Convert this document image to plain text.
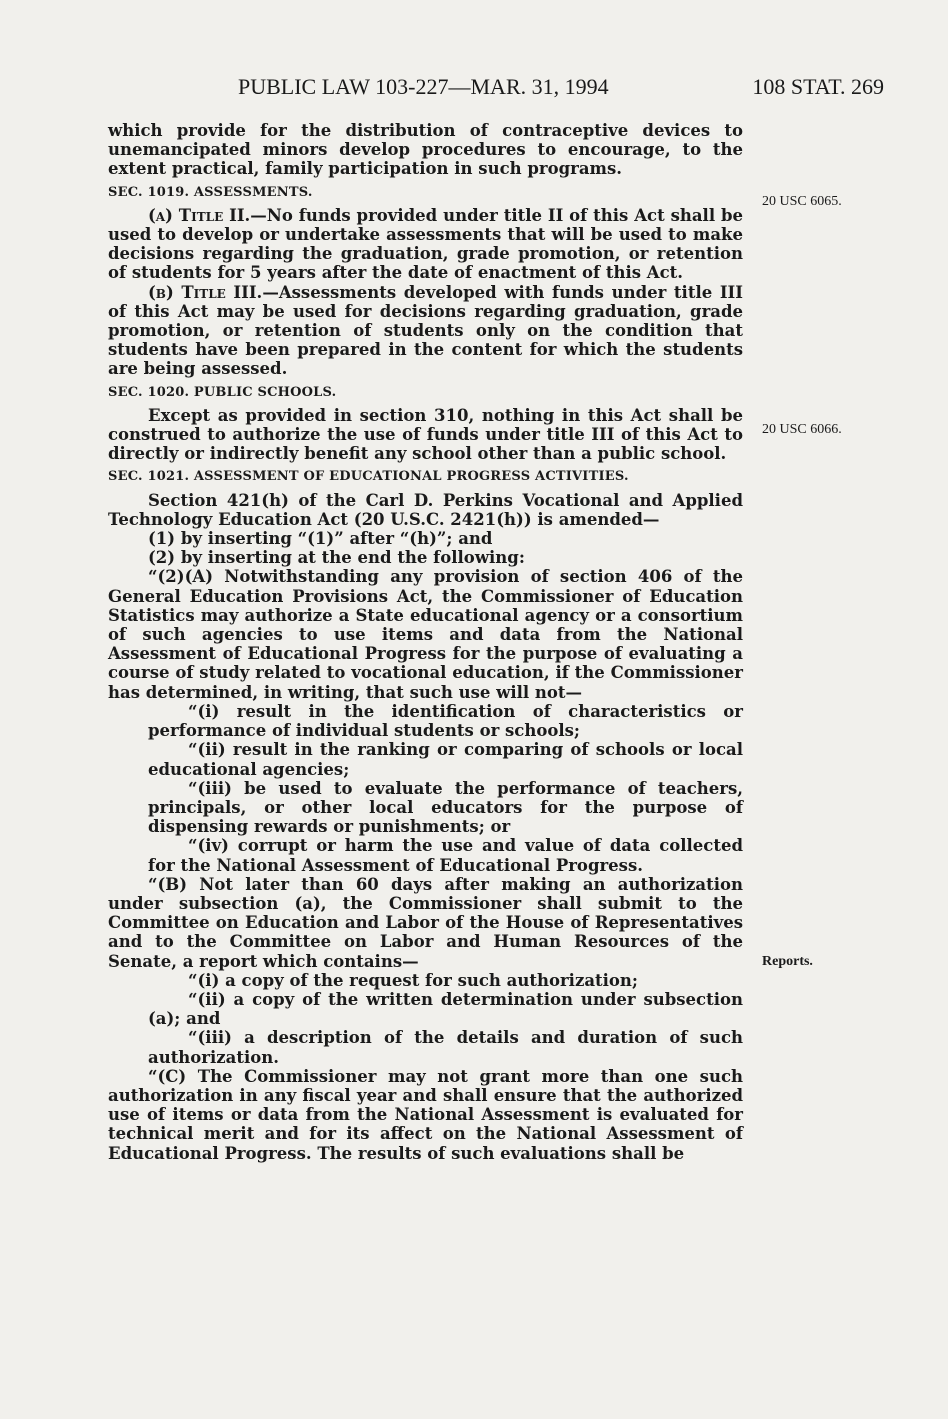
PUBLIC LAW 103-227—MAR. 31, 1994	108 STAT. 269

which provide for the distribution of contraceptive devices to unemancipated minors develop procedures to encourage, to the extent practical, family participation in such programs.

SEC. 1019. ASSESSMENTS.

(a) Title II.—No funds provided under title II of this Act shall be used to develop or undertake assessments that will be used to make decisions regarding the graduation, grade promotion, or retention of students for 5 years after the date of enactment of this Act.

(b) Title III.—Assessments developed with funds under title III of this Act may be used for decisions regarding graduation, grade promotion, or retention of students only on the condition that students have been prepared in the content for which the students are being assessed.

SEC. 1020. PUBLIC SCHOOLS.

Except as provided in section 310, nothing in this Act shall be construed to authorize the use of funds under title III of this Act to directly or indirectly benefit any school other than a public school.

SEC. 1021. ASSESSMENT OF EDUCATIONAL PROGRESS ACTIVITIES.

Section 421(h) of the Carl D. Perkins Vocational and Applied Technology Education Act (20 U.S.C. 2421(h)) is amended—

(1) by inserting “(1)” after “(h)”; and

(2) by inserting at the end the following:

“(2)(A) Notwithstanding any provision of section 406 of the General Education Provisions Act, the Commissioner of Education Statistics may authorize a State educational agency or a consortium of such agencies to use items and data from the National Assessment of Educational Progress for the purpose of evaluating a course of study related to vocational education, if the Commissioner has determined, in writing, that such use will not—

“(i) result in the identification of characteristics or performance of individual students or schools;

“(ii) result in the ranking or comparing of schools or local educational agencies;

“(iii) be used to evaluate the performance of teachers, principals, or other local educators for the purpose of dispensing rewards or punishments; or

“(iv) corrupt or harm the use and value of data collected for the National Assessment of Educational Progress.

“(B) Not later than 60 days after making an authorization under subsection (a), the Commissioner shall submit to the Committee on Education and Labor of the House of Representatives and to the Committee on Labor and Human Resources of the Senate, a report which contains—

“(i) a copy of the request for such authorization;

“(ii) a copy of the written determination under subsection (a); and

“(iii) a description of the details and duration of such authorization.

“(C) The Commissioner may not grant more than one such authorization in any fiscal year and shall ensure that the authorized use of items or data from the National Assessment is evaluated for technical merit and for its affect on the National Assessment of Educational Progress. The results of such evaluations shall be

20 USC 6065.
20 USC 6066.
Reports.
